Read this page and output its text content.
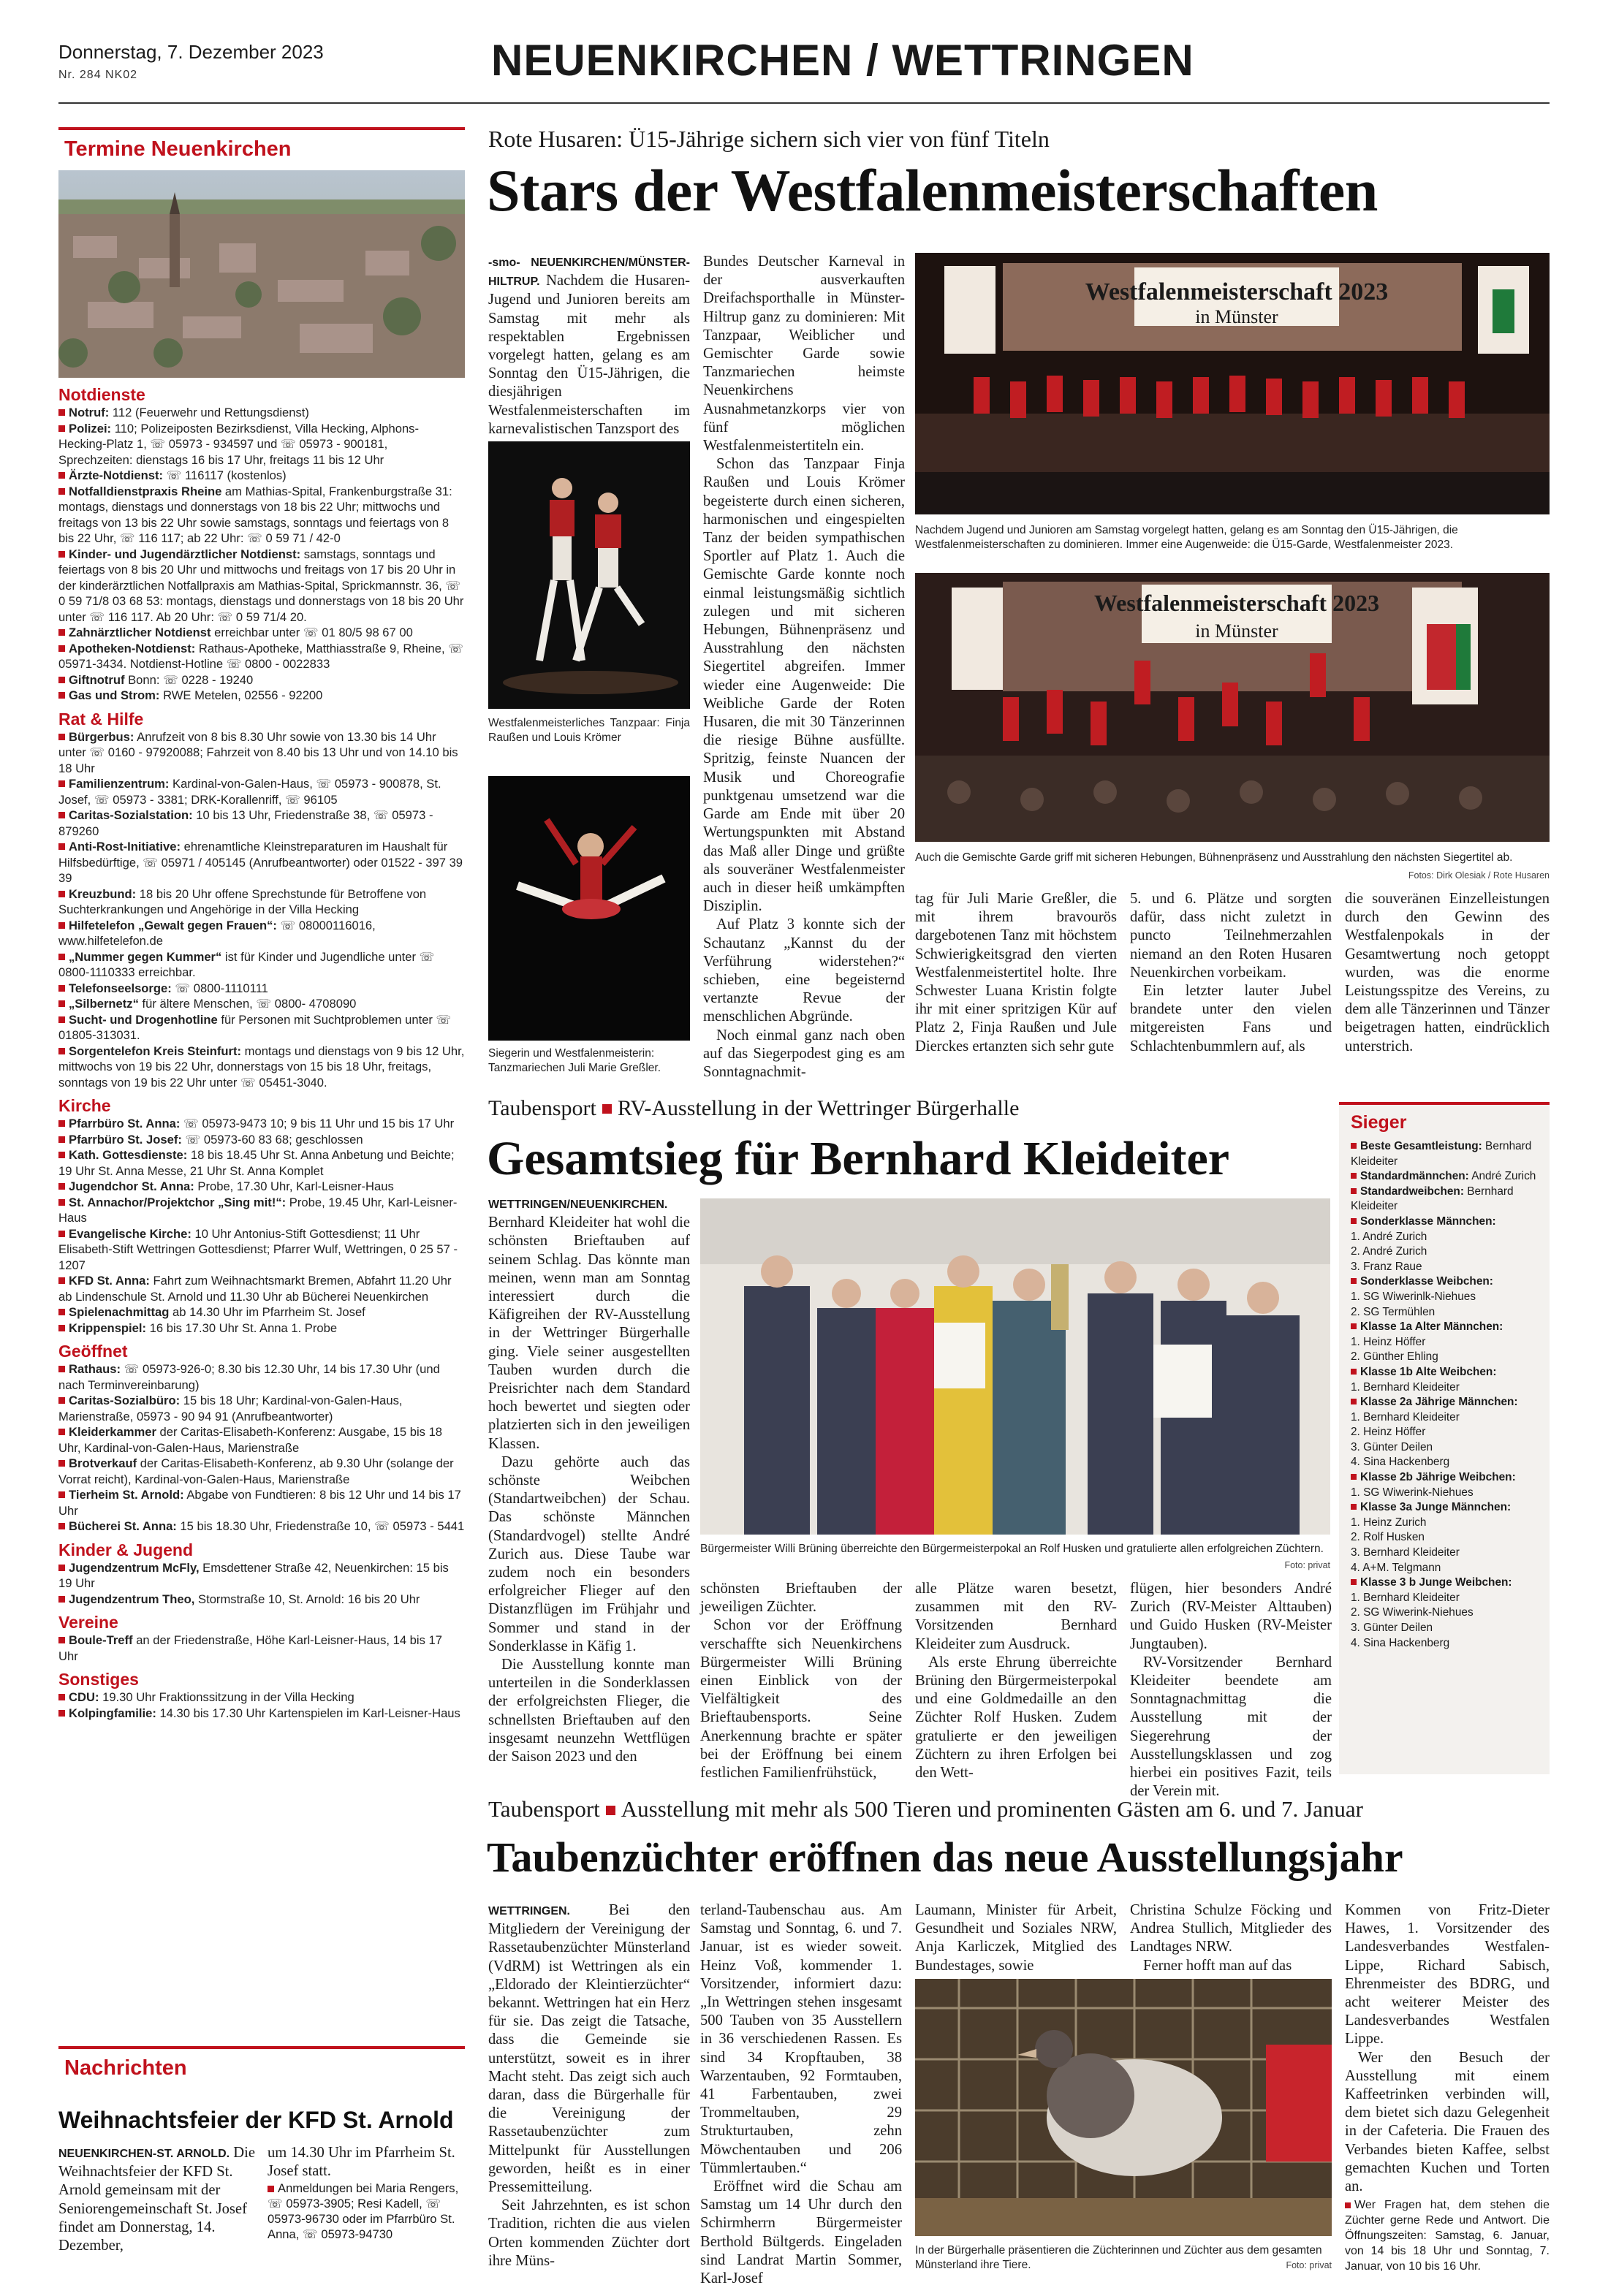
Donnerstag, 7. Dezember 2023
Nr. 284 NK02	NEUENKIRCHEN / WETTRINGEN
Termine Neuenkirchen
Notdienste
Notruf: 112 (Feuerwehr und Rettungsdienst)
Polizei: 110; Polizeiposten Bezirksdienst, Villa Hecking, Alphons-Hecking-Platz 1, ☏ 05973 - 934597 und ☏ 05973 - 900181, Sprechzeiten: dienstags 16 bis 17 Uhr, freitags 11 bis 12 Uhr
Ärzte-Notdienst: ☏ 116117 (kostenlos)
Notfalldienstpraxis Rheine am Mathias-Spital, Frankenburgstraße 31: montags, dienstags und donnerstags von 18 bis 22 Uhr; mittwochs und freitags von 13 bis 22 Uhr sowie samstags, sonntags und feiertags von 8 bis 22 Uhr, ☏ 116 117; ab 22 Uhr: ☏ 0 59 71 / 42-0
Kinder- und Jugendärztlicher Notdienst: samstags, sonntags und feiertags von 8 bis 20 Uhr und mittwochs und freitags von 17 bis 20 Uhr in der kinderärztlichen Notfallpraxis am Mathias-Spital, Sprickmannstr. 36, ☏ 0 59 71/8 03 68 53: montags, dienstags und donnerstags von 18 bis 20 Uhr unter ☏ 116 117. Ab 20 Uhr: ☏ 0 59 71/4 20.
Zahnärztlicher Notdienst erreichbar unter ☏ 01 80/5 98 67 00
Apotheken-Notdienst: Rathaus-Apotheke, Matthiasstraße 9, Rheine, ☏ 05971-3434. Notdienst-Hotline ☏ 0800 - 0022833
Giftnotruf Bonn: ☏ 0228 - 19240
Gas und Strom: RWE Metelen, 02556 - 92200
Rat & Hilfe
Bürgerbus: Anrufzeit von 8 bis 8.30 Uhr sowie von 13.30 bis 14 Uhr unter ☏ 0160 - 97920088; Fahrzeit von 8.40 bis 13 Uhr und von 14.10 bis 18 Uhr
Familienzentrum: Kardinal-von-Galen-Haus, ☏ 05973 - 900878, St. Josef, ☏ 05973 - 3381; DRK-Korallenriff, ☏ 96105
Caritas-Sozialstation: 10 bis 13 Uhr, Friedenstraße 38, ☏ 05973 - 879260
Anti-Rost-Initiative: ehrenamtliche Kleinstreparaturen im Haushalt für Hilfsbedürftige, ☏ 05971 / 405145 (Anrufbeantworter) oder 01522 - 397 39 39
Kreuzbund: 18 bis 20 Uhr offene Sprechstunde für Betroffene von Suchterkrankungen und Angehörige in der Villa Hecking
Hilfetelefon „Gewalt gegen Frauen“: ☏ 08000116016, www.hilfetelefon.de
„Nummer gegen Kummer“ ist für Kinder und Jugendliche unter ☏ 0800-1110333 erreichbar.
Telefonseelsorge: ☏ 0800-1110111
„Silbernetz“ für ältere Menschen, ☏ 0800- 4708090
Sucht- und Drogenhotline für Personen mit Suchtproblemen unter ☏ 01805-313031.
Sorgentelefon Kreis Steinfurt: montags und dienstags von 9 bis 12 Uhr, mittwochs von 19 bis 22 Uhr, donnerstags von 15 bis 18 Uhr, freitags, sonntags von 19 bis 22 Uhr unter ☏ 05451-3040.
Kirche
Pfarrbüro St. Anna: ☏ 05973-9473 10; 9 bis 11 Uhr und 15 bis 17 Uhr
Pfarrbüro St. Josef: ☏ 05973-60 83 68; geschlossen
Kath. Gottesdienste: 18 bis 18.45 Uhr St. Anna Anbetung und Beichte; 19 Uhr St. Anna Messe, 21 Uhr St. Anna Komplet
Jugendchor St. Anna: Probe, 17.30 Uhr, Karl-Leisner-Haus
St. Annachor/Projektchor „Sing mit!“: Probe, 19.45 Uhr, Karl-Leisner-Haus
Evangelische Kirche: 10 Uhr Antonius-Stift Gottesdienst; 11 Uhr Elisabeth-Stift Wettringen Gottesdienst; Pfarrer Wulf, Wettringen, 0 25 57 - 1207
KFD St. Anna: Fahrt zum Weihnachtsmarkt Bremen, Abfahrt 11.20 Uhr ab Lindenschule St. Arnold und 11.30 Uhr ab Bücherei Neuenkirchen
Spielenachmittag ab 14.30 Uhr im Pfarrheim St. Josef
Krippenspiel: 16 bis 17.30 Uhr St. Anna 1. Probe
Geöffnet
Rathaus: ☏ 05973-926-0; 8.30 bis 12.30 Uhr, 14 bis 17.30 Uhr (und nach Terminvereinbarung)
Caritas-Sozialbüro: 15 bis 18 Uhr; Kardinal-von-Galen-Haus, Marienstraße, 05973 - 90 94 91 (Anrufbeantworter)
Kleiderkammer der Caritas-Elisabeth-Konferenz: Ausgabe, 15 bis 18 Uhr, Kardinal-von-Galen-Haus, Marienstraße
Brotverkauf der Caritas-Elisabeth-Konferenz, ab 9.30 Uhr (solange der Vorrat reicht), Kardinal-von-Galen-Haus, Marienstraße
Tierheim St. Arnold: Abgabe von Fundtieren: 8 bis 12 Uhr und 14 bis 17 Uhr
Bücherei St. Anna: 15 bis 18.30 Uhr, Friedenstraße 10, ☏ 05973 - 5441
Kinder & Jugend
Jugendzentrum McFly, Emsdettener Straße 42, Neuenkirchen: 15 bis 19 Uhr
Jugendzentrum Theo, Stormstraße 10, St. Arnold: 16 bis 20 Uhr
Vereine
Boule-Treff an der Friedenstraße, Höhe Karl-Leisner-Haus, 14 bis 17 Uhr
Sonstiges
CDU: 19.30 Uhr Fraktionssitzung in der Villa Hecking
Kolpingfamilie: 14.30 bis 17.30 Uhr Kartenspielen im Karl-Leisner-Haus
Nachrichten
Weihnachtsfeier der KFD St. Arnold

NEUENKIRCHEN-ST. ARNOLD. Die Weihnachtsfeier der KFD St. Arnold gemeinsam mit der Seniorengemeinschaft St. Josef findet am Donnerstag, 14. Dezember,

um 14.30 Uhr im Pfarrheim St. Josef statt.

Anmeldungen bei Maria Rengers, ☏ 05973-3905; Resi Kadell, ☏ 05973-96730 oder im Pfarrbüro St. Anna, ☏ 05973-94730

Rote Husaren: Ü15-Jährige sichern sich vier von fünf Titeln
Stars der Westfalenmeisterschaften

-smo- NEUENKIRCHEN/MÜNSTER-HILTRUP. Nachdem die Husaren-Jugend und Junioren bereits am Samstag mit mehr als respektablen Ergebnissen vorgelegt hatten, gelang es am Sonntag den Ü15-Jährigen, die diesjährigen Westfalenmeisterschaften im karnevalistischen Tanzsport des

Westfalenmeisterliches Tanzpaar: Finja Raußen und Louis Krömer
Siegerin und Westfalenmeisterin: Tanzmariechen Juli Marie Greßler.

Bundes Deutscher Karneval in der ausverkauften Dreifachsporthalle in Münster-Hiltrup ganz zu dominieren: Mit Tanzpaar, Weiblicher und Gemischter Garde sowie Tanzmariechen heimste Neuenkirchens Ausnahmetanzkorps vier von fünf möglichen Westfalenmeistertiteln ein.

Schon das Tanzpaar Finja Raußen und Louis Krömer begeisterte durch einen sicheren, harmonischen und eingespielten Tanz der beiden sympathischen Sportler auf Platz 1. Auch die Gemischte Garde konnte noch einmal leistungsmäßig sichtlich zulegen und mit sicheren Hebungen, Bühnenpräsenz und Ausstrahlung den nächsten Siegertitel abgreifen. Immer wieder eine Augenweide: Die Weibliche Garde der Roten Husaren, die mit 30 Tänzerinnen die riesige Bühne ausfüllte. Spritzig, feinste Nuancen der Musik und Choreografie punktgenau umsetzend war die Garde am Ende mit über 20 Wertungspunkten mit Abstand das Maß aller Dinge und grüßte als souveräner Westfalenmeister auch in dieser heiß umkämpften Disziplin.

Auf Platz 3 konnte sich der Schautanz „Kannst du der Verführung widerstehen?“ schieben, eine begeisternd vertanzte Revue der menschlichen Abgründe.

Noch einmal ganz nach oben auf das Siegerpodest ging es am Sonntagnachmit-

Westfalenmeisterschaft 2023
in Münster
Nachdem Jugend und Junioren am Samstag vorgelegt hatten, gelang es am Sonntag den Ü15-Jährigen, die Westfalenmeisterschaften zu dominieren. Immer eine Augenweide: die Ü15-Garde, Westfalenmeister 2023.
Westfalenmeisterschaft 2023
in Münster
Auch die Gemischte Garde griff mit sicheren Hebungen, Bühnenpräsenz und Ausstrahlung den nächsten Siegertitel ab.
Fotos: Dirk Olesiak / Rote Husaren

tag für Juli Marie Greßler, die mit ihrem bravourös dargebotenen Tanz mit höchstem Schwierigkeitsgrad den vierten Westfalenmeistertitel holte. Ihre Schwester Luana Kristin folgte ihr mit einer spritzigen Kür auf Platz 2, Finja Raußen und Jule Dierckes ertanzten sich sehr gute

5. und 6. Plätze und sorgten dafür, dass nicht zuletzt in puncto Teilnehmerzahlen niemand an den Roten Husaren Neuenkirchen vorbeikam.

Ein letzter lauter Jubel brandete unter den vielen mitgereisten Fans und Schlachtenbummlern auf, als

die souveränen Einzelleistungen durch den Gewinn des Westfalenpokals in der Gesamtwertung noch getoppt wurden, was die enorme Leistungsspitze des Vereins, zu dem alle Tänzerinnen und Tänzer beigetragen hatten, eindrücklich unterstrich.

Taubensport RV-Ausstellung in der Wettringer Bürgerhalle
Gesamtsieg für Bernhard Kleideiter

WETTRINGEN/NEUENKIRCHEN.

Bernhard Kleideiter hat wohl die schönsten Brieftauben auf seinem Schlag. Das könnte man meinen, wenn man am Sonntag interessiert durch die Käfigreihen der RV-Ausstellung in der Wettringer Bürgerhalle ging. Viele seiner ausgestellten Tauben wurden durch die Preisrichter nach dem Standard hoch bewertet und siegten oder platzierten sich in den jeweiligen Klassen.

Dazu gehörte auch das schönste Weibchen (Standartweibchen) der Schau. Das schönste Männchen (Standardvogel) stellte André Zurich aus. Diese Taube war zudem noch ein besonders erfolgreicher Flieger auf den Distanzflügen im Frühjahr und Sommer und stand in der Sonderklasse in Käfig 1.

Die Ausstellung konnte man unterteilen in die Sonderklassen der erfolgreichsten Flieger, die schnellsten Brieftauben auf den insgesamt neunzehn Wettflügen der Saison 2023 und den

Bürgermeister Willi Brüning überreichte den Bürgermeisterpokal an Rolf Husken und gratulierte allen erfolgreichen Züchtern.
Foto: privat

schönsten Brieftauben der jeweiligen Züchter.

Schon vor der Eröffnung verschaffte sich Neuenkirchens Bürgermeister Willi Brüning einen Einblick von der Vielfältigkeit des Brieftaubensports. Seine Anerkennung brachte er später bei der Eröffnung bei einem festlichen Familienfrühstück,

alle Plätze waren besetzt, zusammen mit den RV-Vorsitzenden Bernhard Kleideiter zum Ausdruck.

Als erste Ehrung überreichte Brüning den Bürgermeisterpokal und eine Goldmedaille an den Züchter Rolf Husken. Zudem gratulierte er den jeweiligen Züchtern zu ihren Erfolgen bei den Wett-

flügen, hier besonders André Zurich (RV-Meister Alttauben) und Guido Husken (RV-Meister Jungtauben).

RV-Vorsitzender Bernhard Kleideiter beendete am Sonntagnachmittag die Ausstellung mit der Siegerehrung der Ausstellungsklassen und zog hierbei ein positives Fazit, teils der Verein mit.

Sieger
Beste Gesamtleistung: Bernhard Kleideiter
Standardmännchen: André Zurich
Standardweibchen: Bernhard Kleideiter
Sonderklasse Männchen:
1. André Zurich
2. André Zurich
3. Franz Raue
Sonderklasse Weibchen:
1. SG Wiwerinlk-Niehues
2. SG Termühlen
Klasse 1a Alter Männchen:
1. Heinz Höffer
2. Günther Ehling
Klasse 1b Alte Weibchen:
1. Bernhard Kleideiter
Klasse 2a Jährige Männchen:
1. Bernhard Kleideiter
2. Heinz Höffer
3. Günter Deilen
4. Sina Hackenberg
Klasse 2b Jährige Weibchen:
1. SG Wiwerink-Niehues
Klasse 3a Junge Männchen:
1. Heinz Zurich
2. Rolf Husken
3. Bernhard Kleideiter
4. A+M. Telgmann
Klasse 3 b Junge Weibchen:
1. Bernhard Kleideiter
2. SG Wiwerink-Niehues
3. Günter Deilen
4. Sina Hackenberg
Taubensport Ausstellung mit mehr als 500 Tieren und prominenten Gästen am 6. und 7. Januar
Taubenzüchter eröffnen das neue Ausstellungsjahr

WETTRINGEN. Bei den Mitgliedern der Vereinigung der Rassetaubenzüchter Münsterland (VdRM) ist Wettringen als ein „Eldorado der Kleintierzüchter“ bekannt. Wettringen hat ein Herz für sie. Das zeigt die Tatsache, dass die Gemeinde sie unterstützt, soweit es in ihrer Macht steht. Das zeigt sich auch daran, dass die Bürgerhalle für die Vereinigung der Rassetaubenzüchter zum Mittelpunkt für Ausstellungen geworden, heißt es in einer Pressemitteilung.

Seit Jahrzehnten, es ist schon Tradition, richten die aus vielen Orten kommenden Züchter dort ihre Müns-

terland-Taubenschau aus. Am Samstag und Sonntag, 6. und 7. Januar, ist es wieder soweit. Heinz Voß, kommender 1. Vorsitzender, informiert dazu: „In Wettringen stehen insgesamt 500 Tauben von 35 Ausstellern in 36 verschiedenen Rassen. Es sind 34 Kropftauben, 38 Warzentauben, 92 Formtauben, 41 Farbentauben, zwei Trommeltauben, 29 Strukturtauben, zehn Möwchentauben und 206 Tümmlertauben.“

Eröffnet wird die Schau am Samstag um 14 Uhr durch den Schirmherrn Bürgermeister Berthold Bültgerds. Eingeladen sind Landrat Martin Sommer, Karl-Josef

Laumann, Minister für Arbeit, Gesundheit und Soziales NRW, Anja Karliczek, Mitglied des Bundestages, sowie

Christina Schulze Föcking und Andrea Stullich, Mitglieder des Landtages NRW.

Ferner hofft man auf das

Kommen von Fritz-Dieter Hawes, 1. Vorsitzender des Landesverbandes Westfalen-Lippe, Richard Sabisch, Ehrenmeister des BDRG, und acht weiterer Meister des Landesverbandes Westfalen Lippe.

Wer den Besuch der Ausstellung mit einem Kaffeetrinken verbinden will, dem bietet sich dazu Gelegenheit in der Cafeteria. Die Frauen des Verbandes bieten Kaffee, selbst gemachten Kuchen und Torten an.

Wer Fragen hat, dem stehen die Züchter gerne Rede und Antwort. Die Öffnungszeiten: Samstag, 6. Januar, von 14 bis 18 Uhr und Sonntag, 7. Januar, von 10 bis 16 Uhr.

In der Bürgerhalle präsentieren die Züchterinnen und Züchter aus dem gesamten Münsterland ihre Tiere.	Foto: privat
